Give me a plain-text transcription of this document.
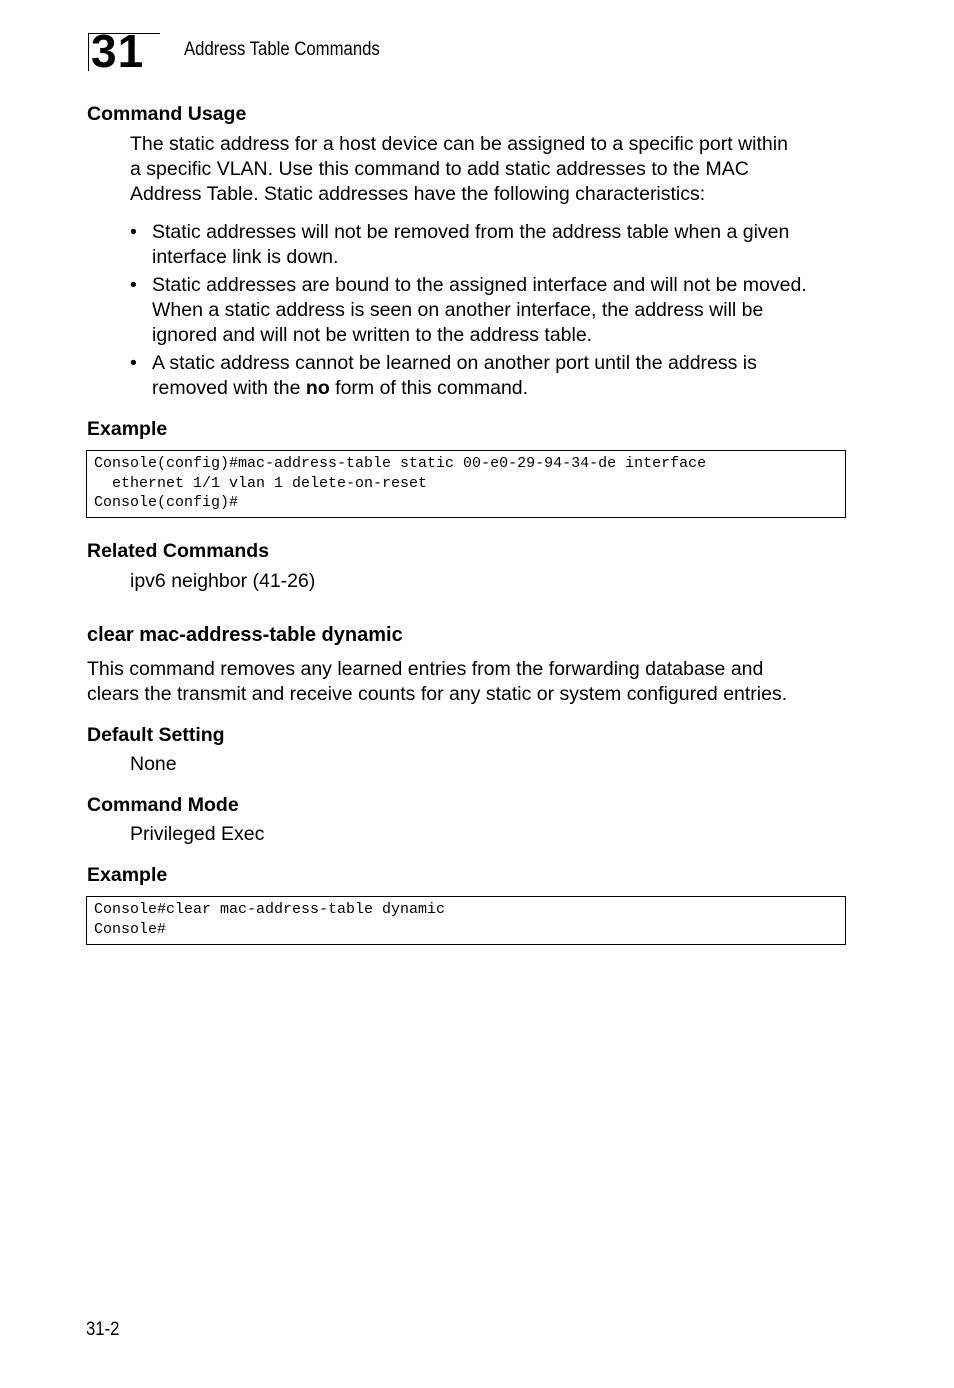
31 Address Table Commands
Command Usage
The static address for a host device can be assigned to a specific port within
a specific VLAN. Use this command to add static addresses to the MAC
Address Table. Static addresses have the following characteristics:
• Static addresses will not be removed from the address table when a given
interface link is down.
• Static addresses are bound to the assigned interface and will not be moved.
When a static address is seen on another interface, the address will be
ignored and will not be written to the address table.
• A static address cannot be learned on another port until the address is
removed with the no form of this command.
Example
Console(config)#mac-address-table static 00-e0-29-94-34-de interface
ethernet 1/1 vlan 1 delete-on-reset
Console(config)#
Related Commands
ipv6 neighbor (41-26)
clear mac-address-table dynamic
This command removes any learned entries from the forwarding database and
clears the transmit and receive counts for any static or system configured entries.
Default Setting
None
Command Mode
Privileged Exec
Example
Console#clear mac-address-table dynamic
Console#
31-2
